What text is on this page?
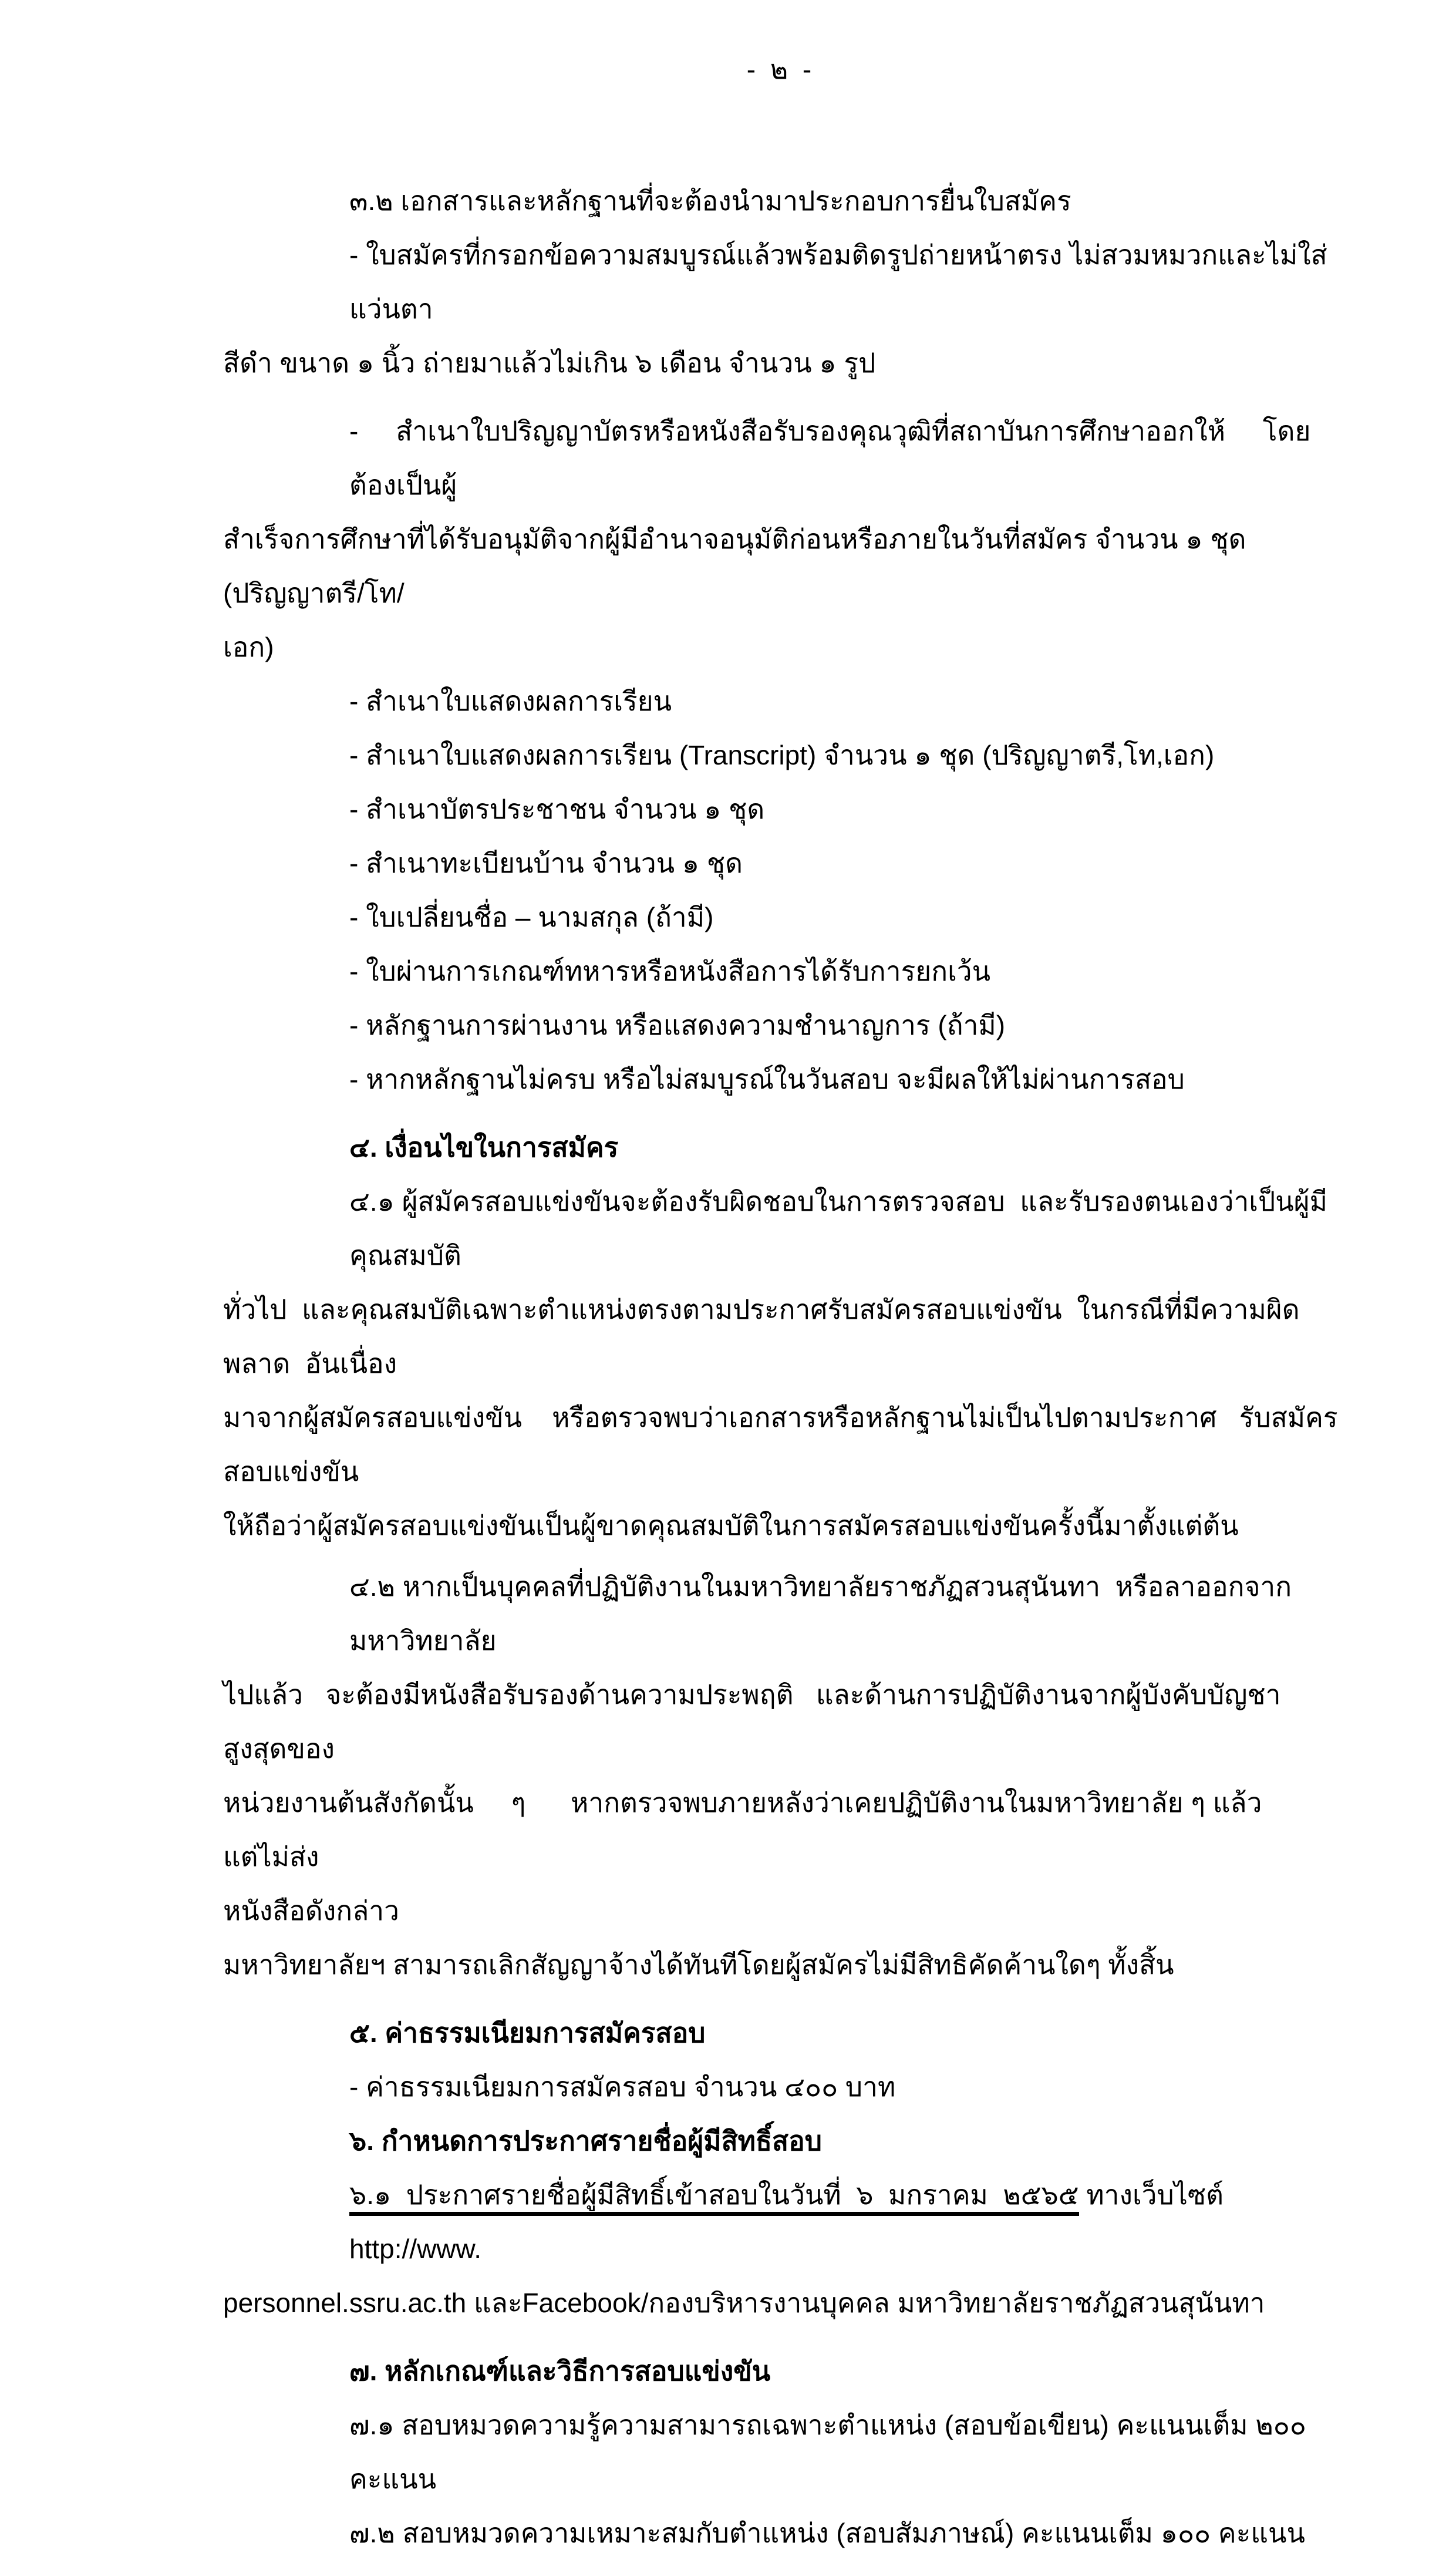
- ๒ -
๓.๒ เอกสารและหลักฐานที่จะต้องนำมาประกอบการยื่นใบสมัคร
- ใบสมัครที่กรอกข้อความสมบูรณ์แล้วพร้อมติดรูปถ่ายหน้าตรง ไม่สวมหมวกและไม่ใส่แว่นตา
สีดำ ขนาด ๑ นิ้ว ถ่ายมาแล้วไม่เกิน ๖ เดือน จำนวน ๑ รูป
-     สำเนาใบปริญญาบัตรหรือหนังสือรับรองคุณวุฒิที่สถาบันการศึกษาออกให้     โดยต้องเป็นผู้
สำเร็จการศึกษาที่ได้รับอนุมัติจากผู้มีอำนาจอนุมัติก่อนหรือภายในวันที่สมัคร จำนวน ๑ ชุด (ปริญญาตรี/โท/
เอก)
- สำเนาใบแสดงผลการเรียน
- สำเนาใบแสดงผลการเรียน (Transcript) จำนวน ๑ ชุด (ปริญญาตรี,โท,เอก)
- สำเนาบัตรประชาชน จำนวน ๑ ชุด
- สำเนาทะเบียนบ้าน จำนวน ๑ ชุด
- ใบเปลี่ยนชื่อ – นามสกุล (ถ้ามี)
- ใบผ่านการเกณฑ์ทหารหรือหนังสือการได้รับการยกเว้น
- หลักฐานการผ่านงาน หรือแสดงความชำนาญการ (ถ้ามี)
- หากหลักฐานไม่ครบ หรือไม่สมบูรณ์ในวันสอบ จะมีผลให้ไม่ผ่านการสอบ
๔. เงื่อนไขในการสมัคร
๔.๑ ผู้สมัครสอบแข่งขันจะต้องรับผิดชอบในการตรวจสอบ  และรับรองตนเองว่าเป็นผู้มีคุณสมบัติ
ทั่วไป  และคุณสมบัติเฉพาะตำแหน่งตรงตามประกาศรับสมัครสอบแข่งขัน  ในกรณีที่มีความผิดพลาด  อันเนื่อง
มาจากผู้สมัครสอบแข่งขัน    หรือตรวจพบว่าเอกสารหรือหลักฐานไม่เป็นไปตามประกาศ   รับสมัครสอบแข่งขัน
ให้ถือว่าผู้สมัครสอบแข่งขันเป็นผู้ขาดคุณสมบัติในการสมัครสอบแข่งขันครั้งนี้มาตั้งแต่ต้น
๔.๒ หากเป็นบุคคลที่ปฏิบัติงานในมหาวิทยาลัยราชภัฏสวนสุนันทา  หรือลาออกจากมหาวิทยาลัย
ไปแล้ว   จะต้องมีหนังสือรับรองด้านความประพฤติ   และด้านการปฏิบัติงานจากผู้บังคับบัญชา   สูงสุดของ
หน่วยงานต้นสังกัดนั้น     ๆ      หากตรวจพบภายหลังว่าเคยปฏิบัติงานในมหาวิทยาลัย ๆ แล้ว      แต่ไม่ส่ง
หนังสือดังกล่าว
มหาวิทยาลัยฯ สามารถเลิกสัญญาจ้างได้ทันทีโดยผู้สมัครไม่มีสิทธิคัดค้านใดๆ ทั้งสิ้น
๕. ค่าธรรมเนียมการสมัครสอบ
- ค่าธรรมเนียมการสมัครสอบ จำนวน ๔๐๐ บาท
๖. กำหนดการประกาศรายชื่อผู้มีสิทธิ์สอบ
๖.๑  ประกาศรายชื่อผู้มีสิทธิ์เข้าสอบในวันที่  ๖  มกราคม  ๒๕๖๕ ทางเว็บไซต์  http://www.
personnel.ssru.ac.th และFacebook/กองบริหารงานบุคคล มหาวิทยาลัยราชภัฏสวนสุนันทา
๗. หลักเกณฑ์และวิธีการสอบแข่งขัน
๗.๑ สอบหมวดความรู้ความสามารถเฉพาะตำแหน่ง (สอบข้อเขียน) คะแนนเต็ม ๒๐๐ คะแนน
๗.๒ สอบหมวดความเหมาะสมกับตำแหน่ง (สอบสัมภาษณ์) คะแนนเต็ม ๑๐๐ คะแนน
